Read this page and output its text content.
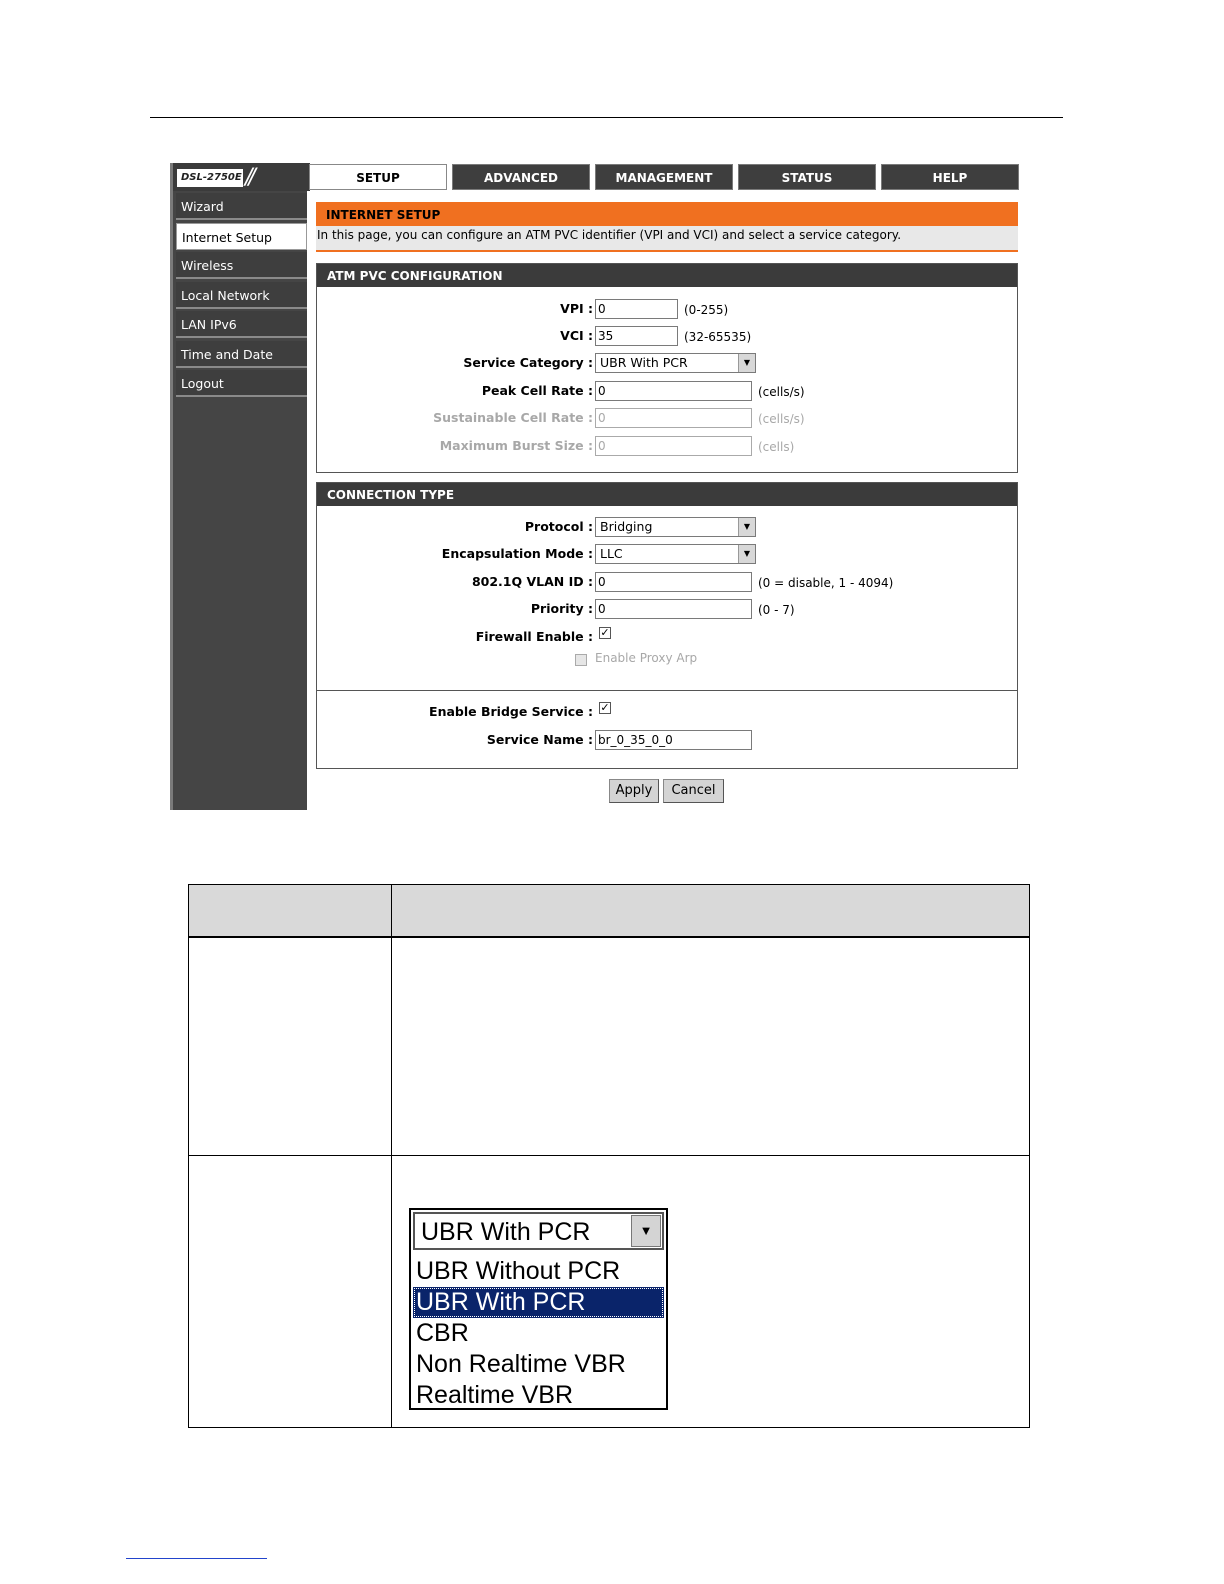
DSL-2750E //	SETUP	ADVANCED	MANAGEMENT	STATUS	HELP
Wizard
Internet Setup
Wireless
Local Network
LAN IPv6
Time and Date
Logout
INTERNET SETUP
In this page, you can configure an ATM PVC identifier (VPI and VCI) and select a service category.
ATM PVC CONFIGURATION
VPI : 0	(0-255)
VCI : 35	(32-65535)
Service Category : UBR With PCR	▼
Peak Cell Rate : 0	(cells/s)
Sustainable Cell Rate : 0	(cells/s)
Maximum Burst Size : 0	(cells)
CONNECTION TYPE
Protocol : Bridging	▼
Encapsulation Mode : LLC	▼
802.1Q VLAN ID : 0	(0 = disable, 1 - 4094)
Priority : 0	(0 - 7)
Firewall Enable : ✓
Enable Proxy Arp
Enable Bridge Service : ✓
Service Name : br_0_35_0_0
Apply	Cancel
UBR With PCR	▼
UBR Without PCR
UBR With PCR
CBR
Non Realtime VBR
Realtime VBR
